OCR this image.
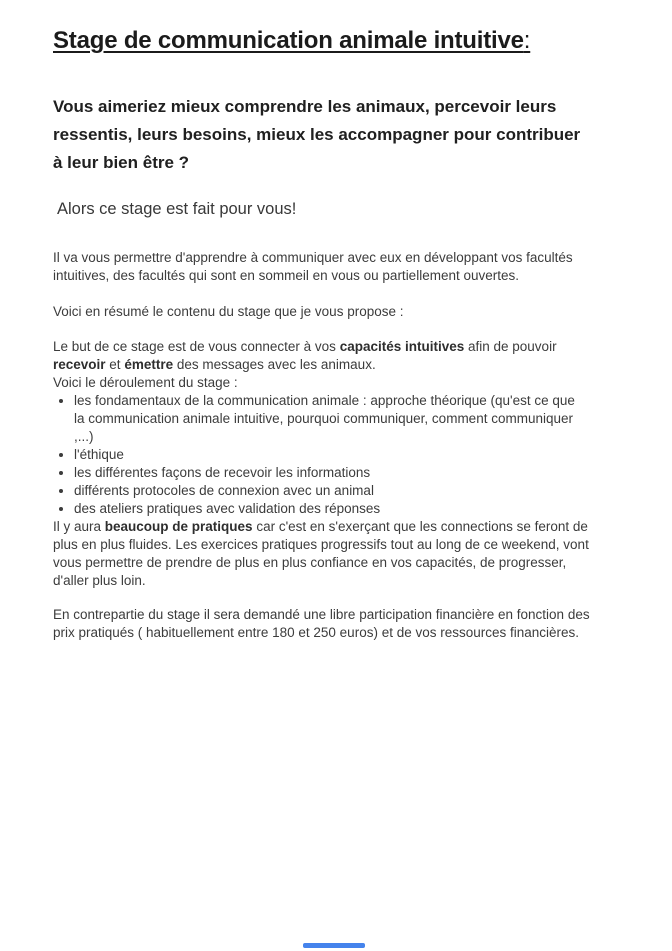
Stage de communication animale intuitive:

Vous aimeriez mieux comprendre les animaux, percevoir leurs ressentis, leurs besoins, mieux les accompagner pour contribuer à leur bien être ?

Alors ce stage est fait pour vous!

Il va vous permettre d'apprendre à communiquer avec eux en développant vos facultés intuitives, des facultés qui sont en sommeil en vous ou partiellement ouvertes.

Voici en résumé le contenu du stage que je vous propose :

Le but de ce stage est de vous connecter à vos capacités intuitives afin de pouvoir recevoir et émettre des messages avec les animaux.

Voici le déroulement du stage :

• les fondamentaux de la communication animale : approche théorique (qu'est ce que la communication animale intuitive, pourquoi communiquer, comment communiquer ,...)
• l'éthique
• les différentes façons de recevoir les informations
• différents protocoles de connexion avec un animal
• des ateliers pratiques avec validation des réponses

Il y aura beaucoup de pratiques car c'est en s'exerçant que les connections se feront de plus en plus fluides. Les exercices pratiques progressifs tout au long de ce weekend, vont vous permettre de prendre de plus en plus confiance en vos capacités, de progresser, d'aller plus loin.

En contrepartie du stage il sera demandé une libre participation financière en fonction des prix pratiqués ( habituellement entre 180 et 250 euros) et de vos ressources financières.
